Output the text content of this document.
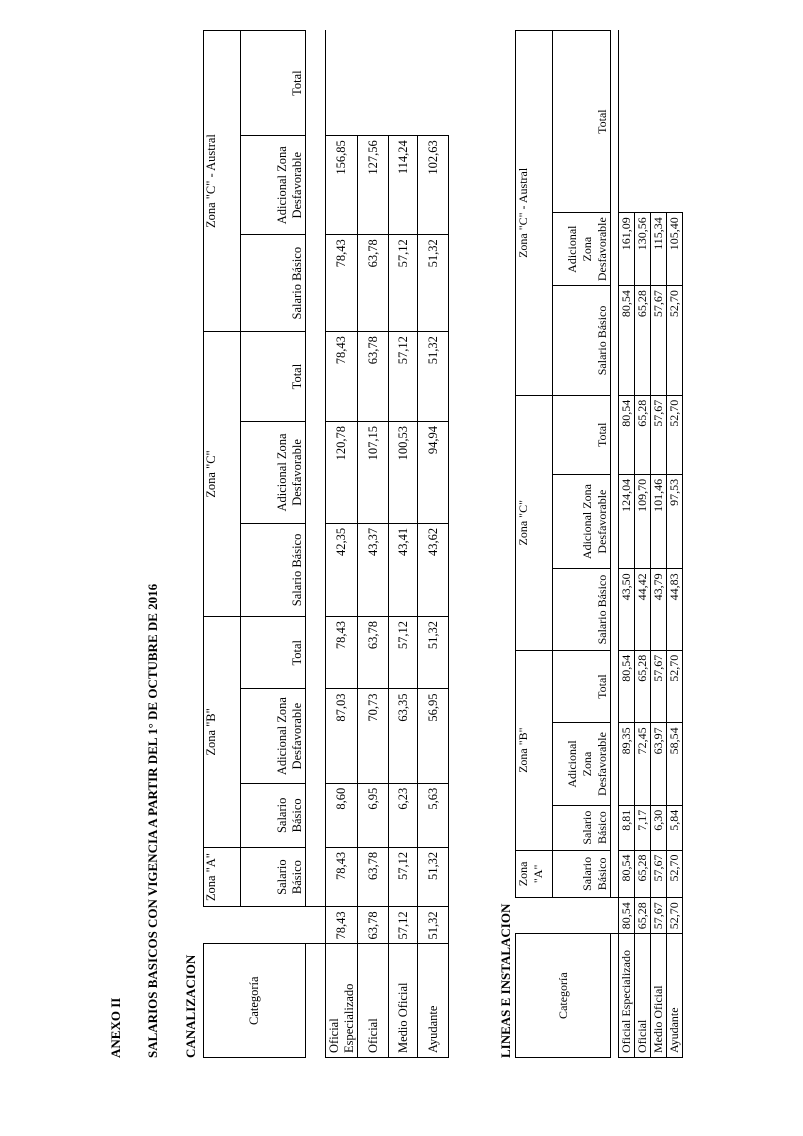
ANEXO II SALARIOS BASICOS CON VIGENCIA A PARTIR DEL 1° DE OCTUBRE DE 2016 CANALIZACION	Categoría		Zona "A"	Zona "B"			Zona "C"			Zona "C" - Austral		
		Salario Básico	Salario Básico	Adicional Zona Desfavorable	Total	Salario Básico	Adicional Zona Desfavorable	Total	Salario Básico	Adicional Zona Desfavorable	Total

Oficial Especializado	78,43	78,43	8,60	87,03	78,43	42,35	120,78	78,43	78,43	156,85	
Oficial	63,78	63,78	6,95	70,73	63,78	43,37	107,15	63,78	63,78	127,56	
Medio Oficial	57,12	57,12	6,23	63,35	57,12	43,41	100,53	57,12	57,12	114,24	
Ayudante	51,32	51,32	5,63	56,95	51,32	43,62	94,94	51,32	51,32	102,63	
LINEAS E INSTALACION	Categoría		Zona "A"	Zona "B"			Zona "C"			Zona "C" - Austral		
		Salario Básico	Salario Básico	Adicional Zona Desfavorable	Total	Salario Básico	Adicional Zona Desfavorable	Total	Salario Básico	Adicional Zona Desfavorable	Total

Oficial Especializado	80,54	80,54	8,81	89,35	80,54	43,50	124,04	80,54	80,54	161,09	
Oficial	65,28	65,28	7,17	72,45	65,28	44,42	109,70	65,28	65,28	130,56	
Medio Oficial	57,67	57,67	6,30	63,97	57,67	43,79	101,46	57,67	57,67	115,34	
Ayudante	52,70	52,70	5,84	58,54	52,70	44,83	97,53	52,70	52,70	105,40	
